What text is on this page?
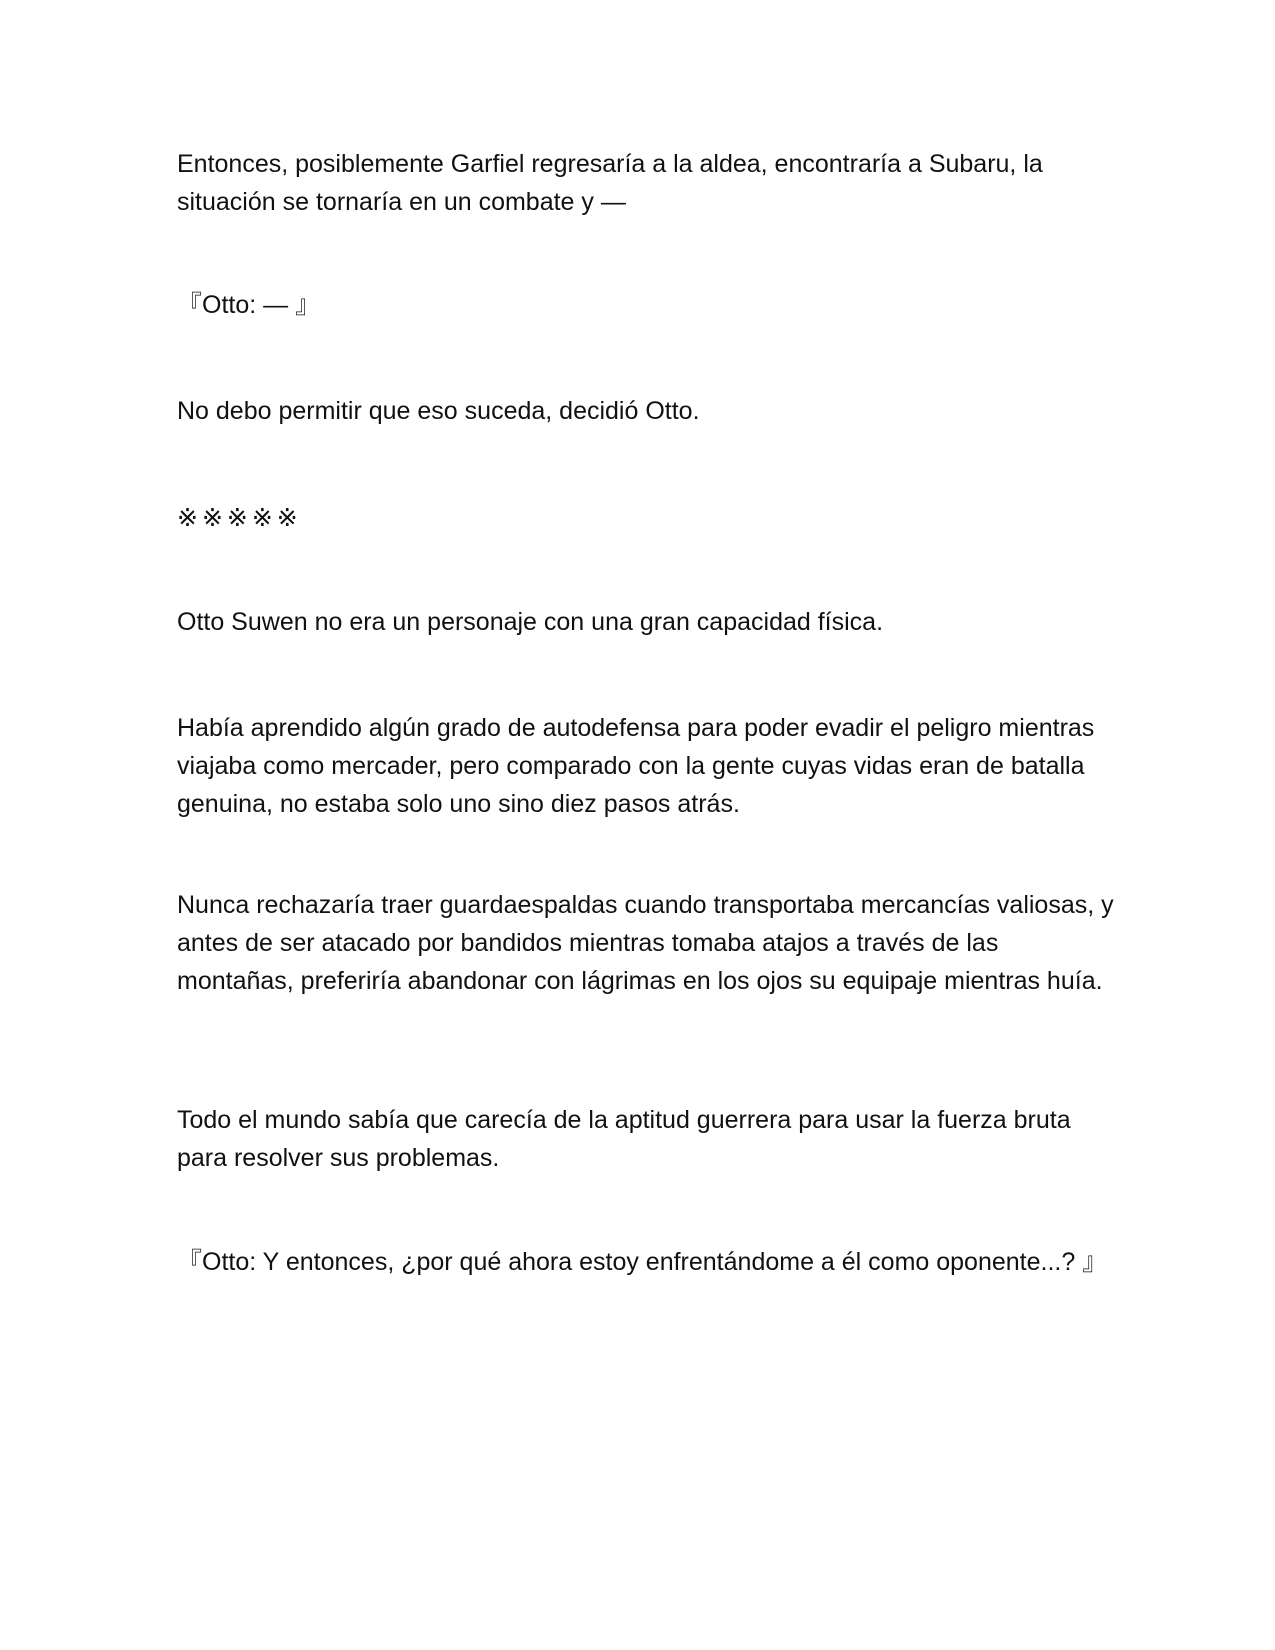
Entonces, posiblemente Garfiel regresaría a la aldea, encontraría a Subaru, la situación se tornaría en un combate y —

『Otto: — 』

No debo permitir que eso suceda, decidió Otto.

※※※※※

Otto Suwen no era un personaje con una gran capacidad física.

Había aprendido algún grado de autodefensa para poder evadir el peligro mientras viajaba como mercader, pero comparado con la gente cuyas vidas eran de batalla genuina, no estaba solo uno sino diez pasos atrás.

Nunca rechazaría traer guardaespaldas cuando transportaba mercancías valiosas, y antes de ser atacado por bandidos mientras tomaba atajos a través de las montañas, preferiría abandonar con lágrimas en los ojos su equipaje mientras huía.

Todo el mundo sabía que carecía de la aptitud guerrera para usar la fuerza bruta para resolver sus problemas.

『Otto: Y entonces, ¿por qué ahora estoy enfrentándome a él como oponente...? 』
